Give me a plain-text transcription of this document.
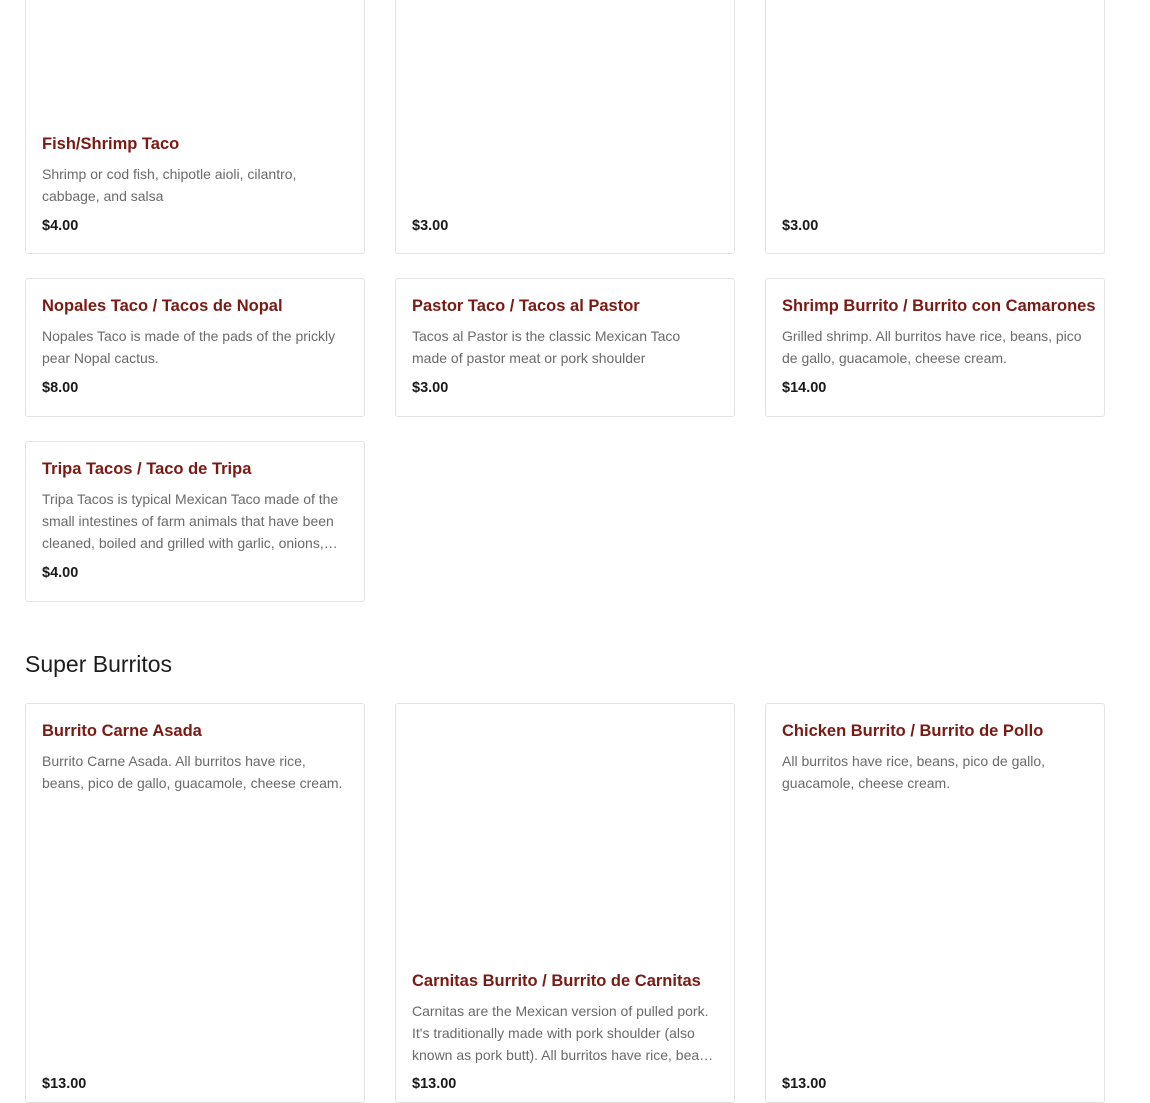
Fish/Shrimp Taco

Shrimp or cod fish, chipotle aioli, cilantro, cabbage, and salsa

$4.00	$3.00	$3.00

Nopales Taco / Tacos de Nopal

Nopales Taco is made of the pads of the prickly pear Nopal cactus.

$8.00

Pastor Taco / Tacos al Pastor

Tacos al Pastor is the classic Mexican Taco made of pastor meat or pork shoulder

$3.00

Shrimp Burrito / Burrito con Camarones

Grilled shrimp. All burritos have rice, beans, pico de gallo, guacamole, cheese cream.

$14.00

Tripa Tacos / Taco de Tripa

Tripa Tacos is typical Mexican Taco made of the small intestines of farm animals that have been cleaned, boiled and grilled with garlic, onions,

$4.00
Super Burritos

Burrito Carne Asada

Burrito Carne Asada. All burritos have rice, beans, pico de gallo, guacamole, cheese cream.

$13.00

Carnitas Burrito / Burrito de Carnitas

Carnitas are the Mexican version of pulled pork. It's traditionally made with pork shoulder (also known as pork butt). All burritos have rice, beans,

$13.00

Chicken Burrito / Burrito de Pollo

All burritos have rice, beans, pico de gallo, guacamole, cheese cream.

$13.00
